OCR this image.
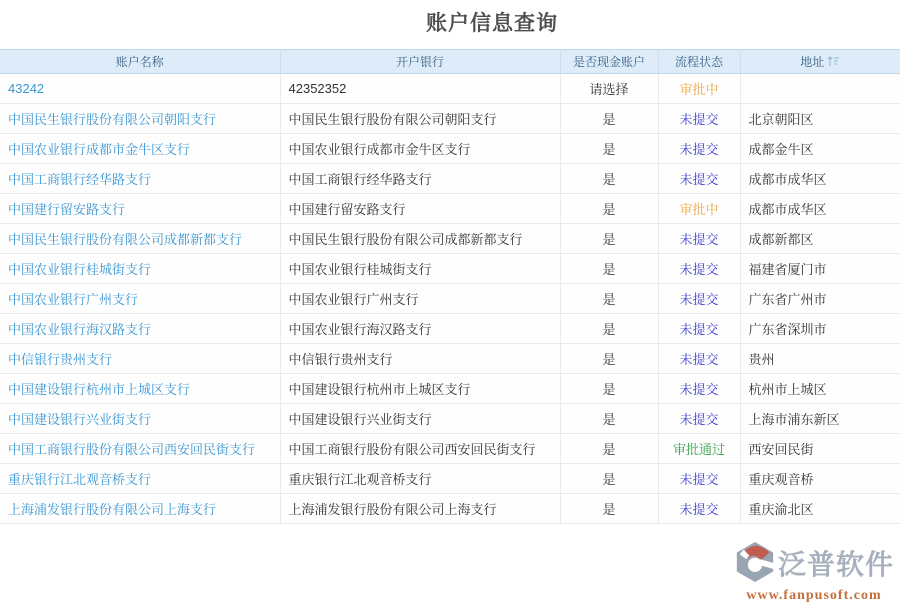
账户信息查询
账户名称	开户银行	是否现金账户	流程状态	地址
43242	42352352	请选择	审批中	
中国民生银行股份有限公司朝阳支行	中国民生银行股份有限公司朝阳支行	是	未提交	北京朝阳区
中国农业银行成都市金牛区支行	中国农业银行成都市金牛区支行	是	未提交	成都金牛区
中国工商银行经华路支行	中国工商银行经华路支行	是	未提交	成都市成华区
中国建行留安路支行	中国建行留安路支行	是	审批中	成都市成华区
中国民生银行股份有限公司成都新都支行	中国民生银行股份有限公司成都新都支行	是	未提交	成都新都区
中国农业银行桂城街支行	中国农业银行桂城街支行	是	未提交	福建省厦门市
中国农业银行广州支行	中国农业银行广州支行	是	未提交	广东省广州市
中国农业银行海汉路支行	中国农业银行海汉路支行	是	未提交	广东省深圳市
中信银行贵州支行	中信银行贵州支行	是	未提交	贵州
中国建设银行杭州市上城区支行	中国建设银行杭州市上城区支行	是	未提交	杭州市上城区
中国建设银行兴业街支行	中国建设银行兴业街支行	是	未提交	上海市浦东新区
中国工商银行股份有限公司西安回民街支行	中国工商银行股份有限公司西安回民街支行	是	审批通过	西安回民街
重庆银行江北观音桥支行	重庆银行江北观音桥支行	是	未提交	重庆观音桥
上海浦发银行股份有限公司上海支行	上海浦发银行股份有限公司上海支行	是	未提交	重庆渝北区
泛普软件
www.fanpusoft.com
